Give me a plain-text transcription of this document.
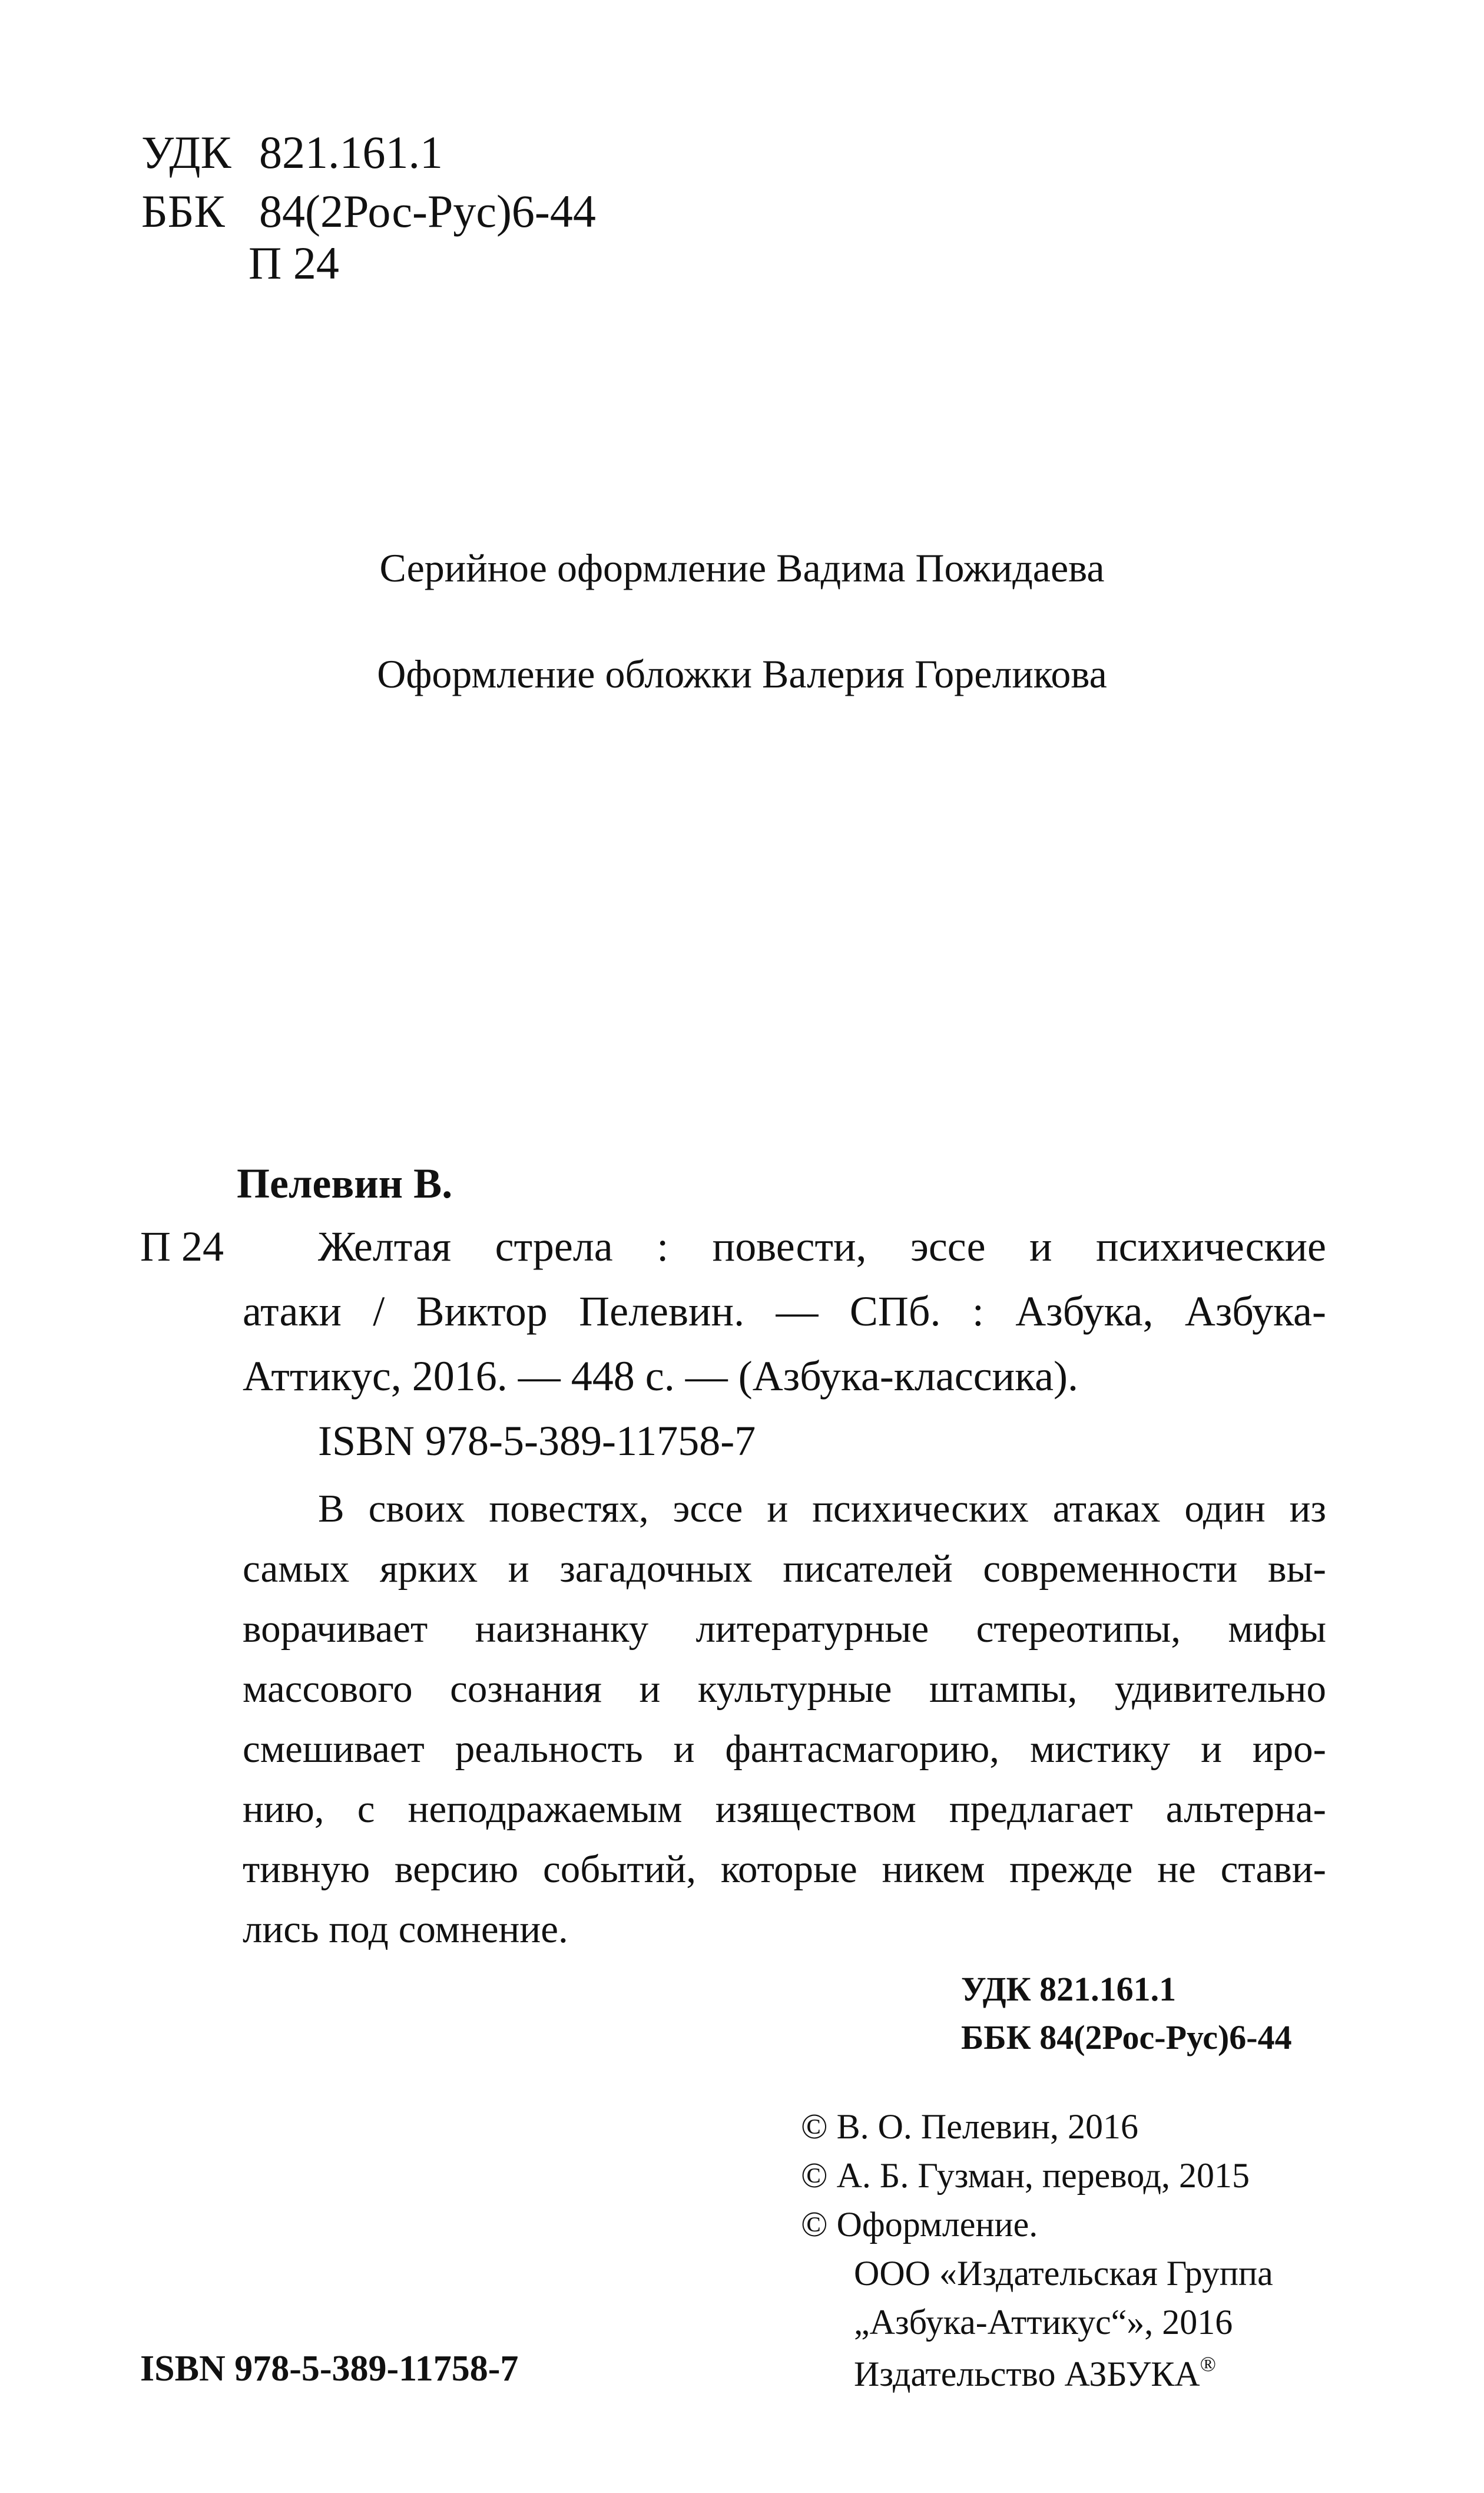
УДК 821.161.1
ББК 84(2Рос-Рус)6-44
П 24
Серийное оформление Вадима Пожидаева
Оформление обложки Валерия Гореликова
Пелевин В.
П 24 Желтая стрела : повести, эссе и психические
атаки / Виктор Пелевин. — СПб. : Азбука, Азбука-
Аттикус, 2016. — 448 с. — (Азбука-классика).
ISBN 978-5-389-11758-7
В своих повестях, эссе и психических атаках один из
самых ярких и загадочных писателей современности вы-
ворачивает наизнанку литературные стереотипы, мифы
массового сознания и культурные штампы, удивительно
смешивает реальность и фантасмагорию, мистику и иро-
нию, с неподражаемым изяществом предлагает альтерна-
тивную версию событий, которые никем прежде не стави-
лись под сомнение.
УДК 821.161.1
ББК 84(2Рос-Рус)6-44
© В. О. Пелевин, 2016
© А. Б. Гузман, перевод, 2015
© Оформление.
ООО «Издательская Группа
„Азбука-Аттикус“», 2016
Издательство АЗБУКА®
ISBN 978-5-389-11758-7
